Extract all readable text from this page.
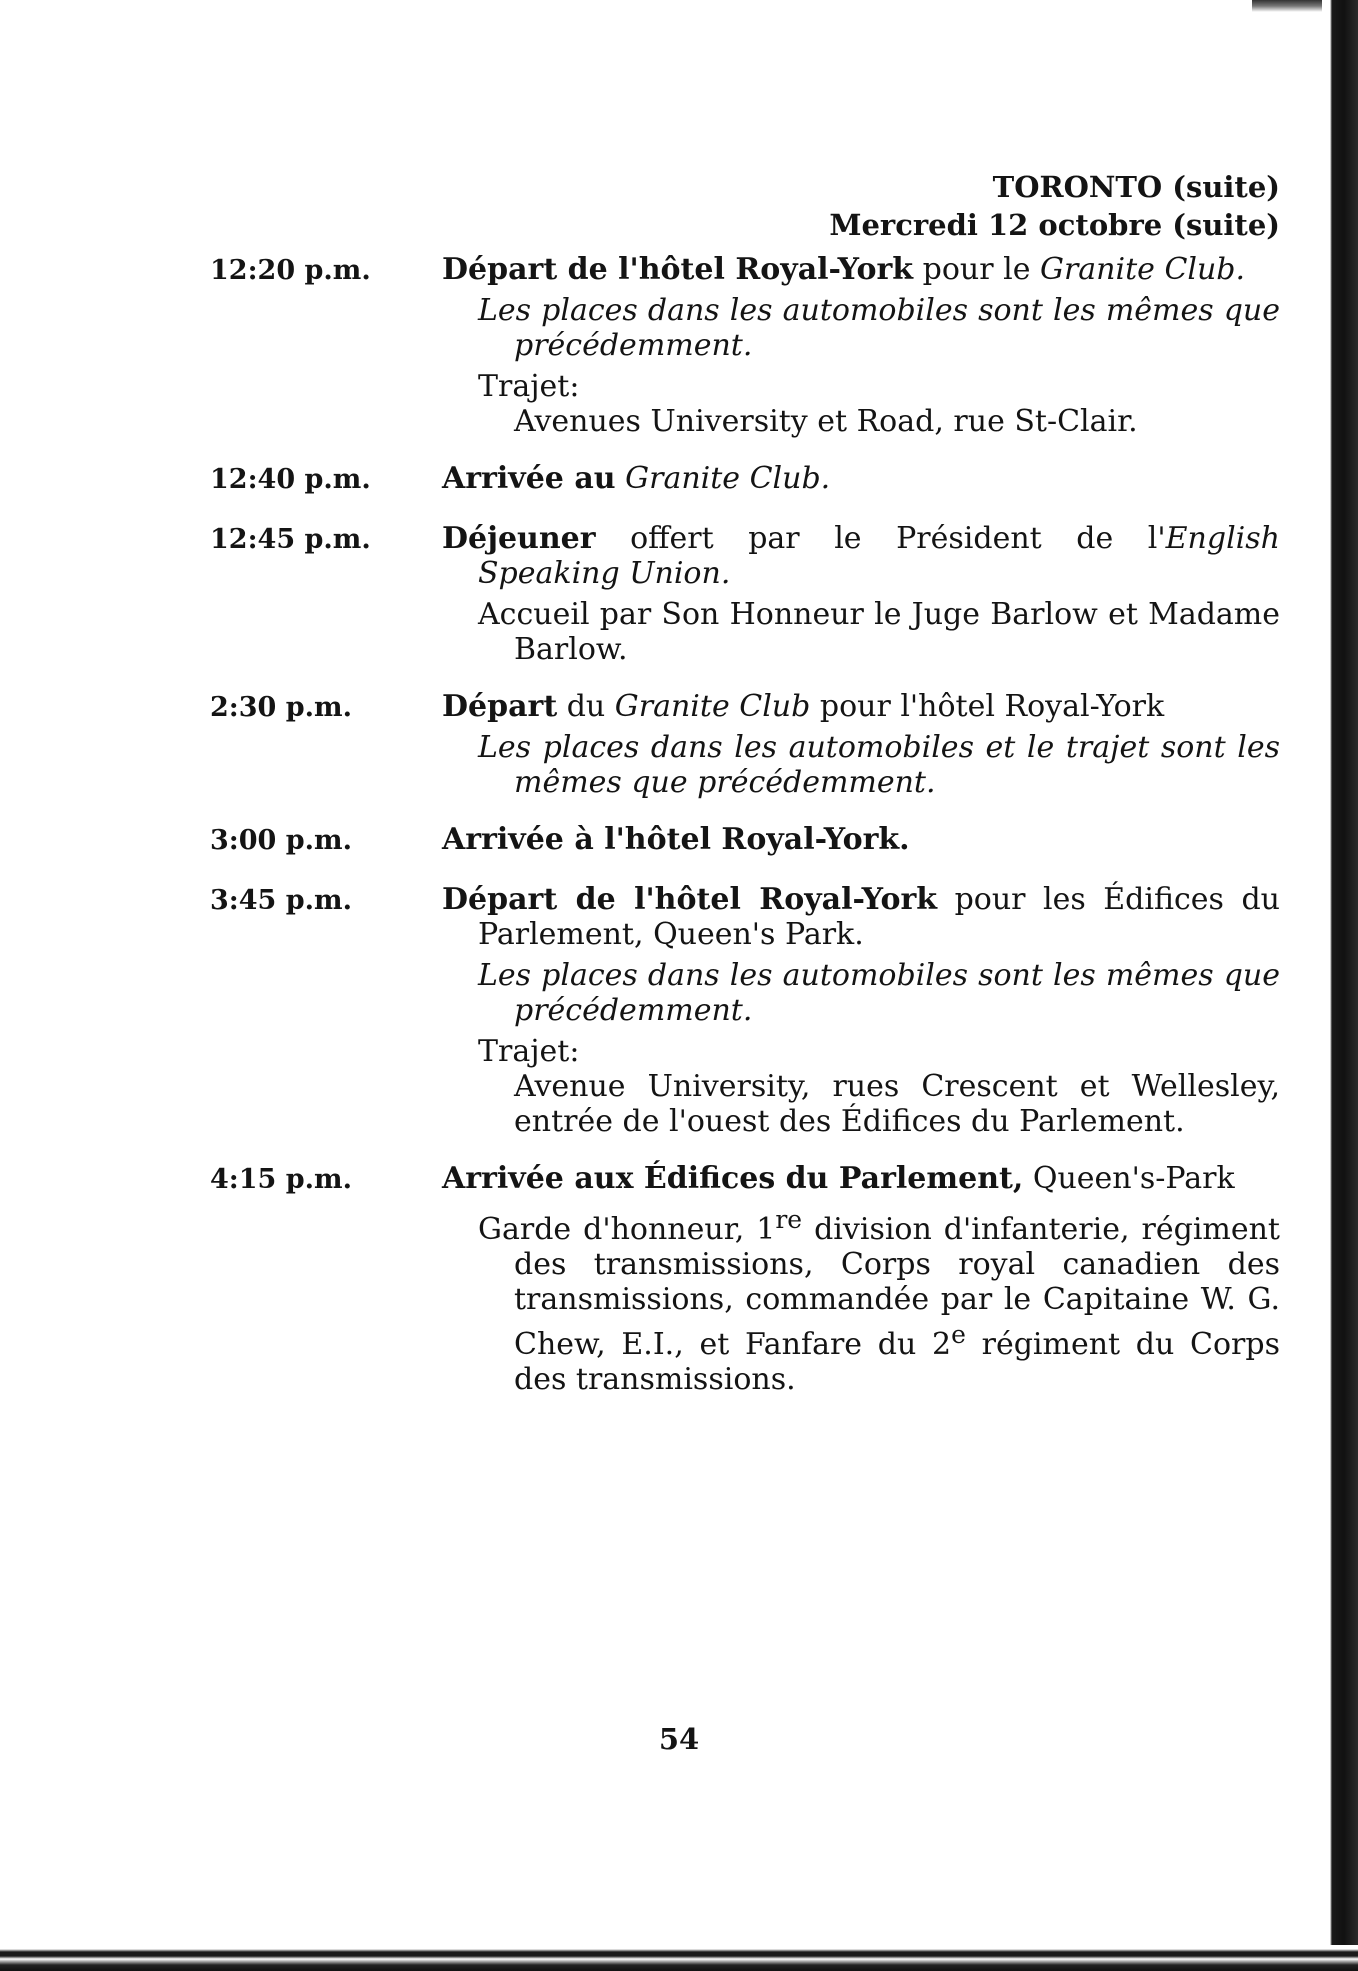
TORONTO (suite)
Mercredi 12 octobre (suite)
12:20 p.m.	Départ de l'hôtel Royal-York pour le Granite Club.
Les places dans les automobiles sont les mêmes que précédemment.
Trajet:
Avenues University et Road, rue St-Clair.
12:40 p.m.	Arrivée au Granite Club.
12:45 p.m.	Déjeuner offert par le Président de l'English Speaking Union.
Accueil par Son Honneur le Juge Barlow et Madame Barlow.
2:30 p.m.	Départ du Granite Club pour l'hôtel Royal-York
Les places dans les automobiles et le trajet sont les mêmes que précédemment.
3:00 p.m.	Arrivée à l'hôtel Royal-York.
3:45 p.m.	Départ de l'hôtel Royal-York pour les Édifices du Parlement, Queen's Park.
Les places dans les automobiles sont les mêmes que précédemment.
Trajet:
Avenue University, rues Crescent et Wellesley, entrée de l'ouest des Édifices du Parlement.
4:15 p.m.	Arrivée aux Édifices du Parlement, Queen's-Park
Garde d'honneur, 1re division d'infanterie, régiment des transmissions, Corps royal canadien des transmissions, commandée par le Capitaine W. G. Chew, E.I., et Fanfare du 2e régiment du Corps des transmissions.
54
